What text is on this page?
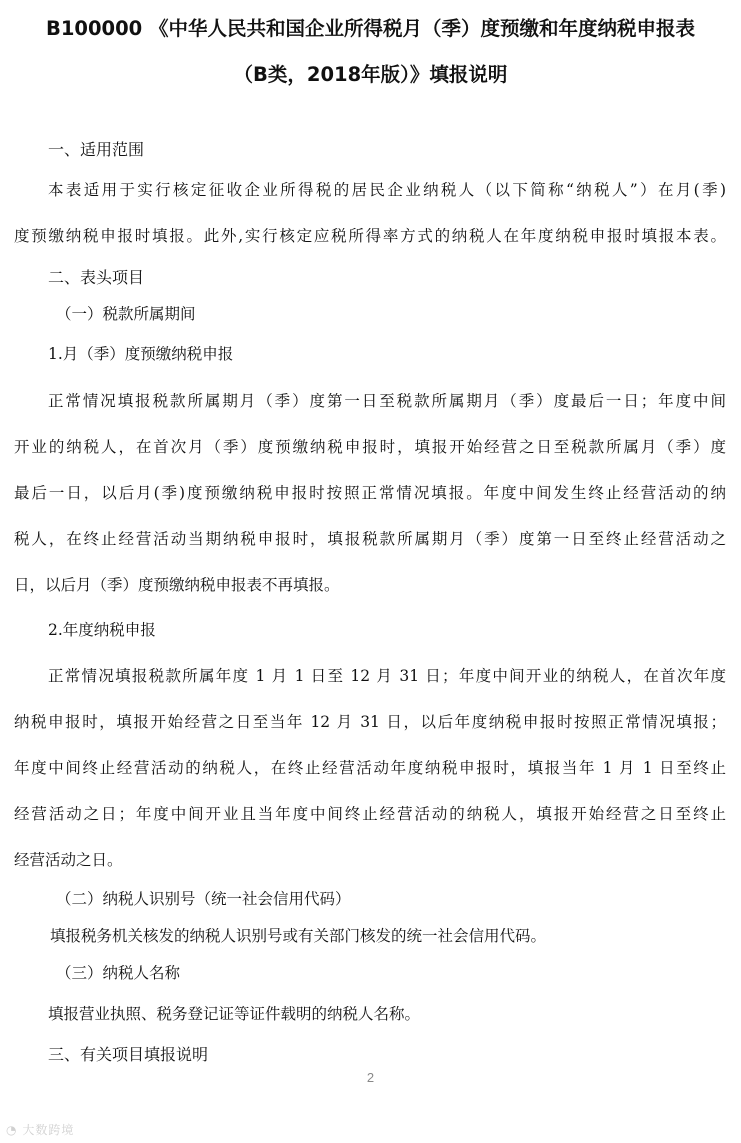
B100000 《中华人民共和国企业所得税月（季）度预缴和年度纳税申报表
（B类，2018年版）》填报说明
一、适用范围
本表适用于实行核定征收企业所得税的居民企业纳税人（以下简称“纳税人”）在月(季)
度预缴纳税申报时填报。此外,实行核定应税所得率方式的纳税人在年度纳税申报时填报本表。
二、表头项目
（一）税款所属期间
1.月（季）度预缴纳税申报
正常情况填报税款所属期月（季）度第一日至税款所属期月（季）度最后一日；年度中间
开业的纳税人，在首次月（季）度预缴纳税申报时，填报开始经营之日至税款所属月（季）度
最后一日，以后月(季)度预缴纳税申报时按照正常情况填报。年度中间发生终止经营活动的纳
税人，在终止经营活动当期纳税申报时，填报税款所属期月（季）度第一日至终止经营活动之
日，以后月（季）度预缴纳税申报表不再填报。
2.年度纳税申报
正常情况填报税款所属年度 1 月 1 日至 12 月 31 日；年度中间开业的纳税人，在首次年度
纳税申报时，填报开始经营之日至当年 12 月 31 日，以后年度纳税申报时按照正常情况填报；
年度中间终止经营活动的纳税人，在终止经营活动年度纳税申报时，填报当年 1 月 1 日至终止
经营活动之日；年度中间开业且当年度中间终止经营活动的纳税人，填报开始经营之日至终止
经营活动之日。
（二）纳税人识别号（统一社会信用代码）
填报税务机关核发的纳税人识别号或有关部门核发的统一社会信用代码。
（三）纳税人名称
填报营业执照、税务登记证等证件载明的纳税人名称。
三、有关项目填报说明
2
◔ 大数跨境
